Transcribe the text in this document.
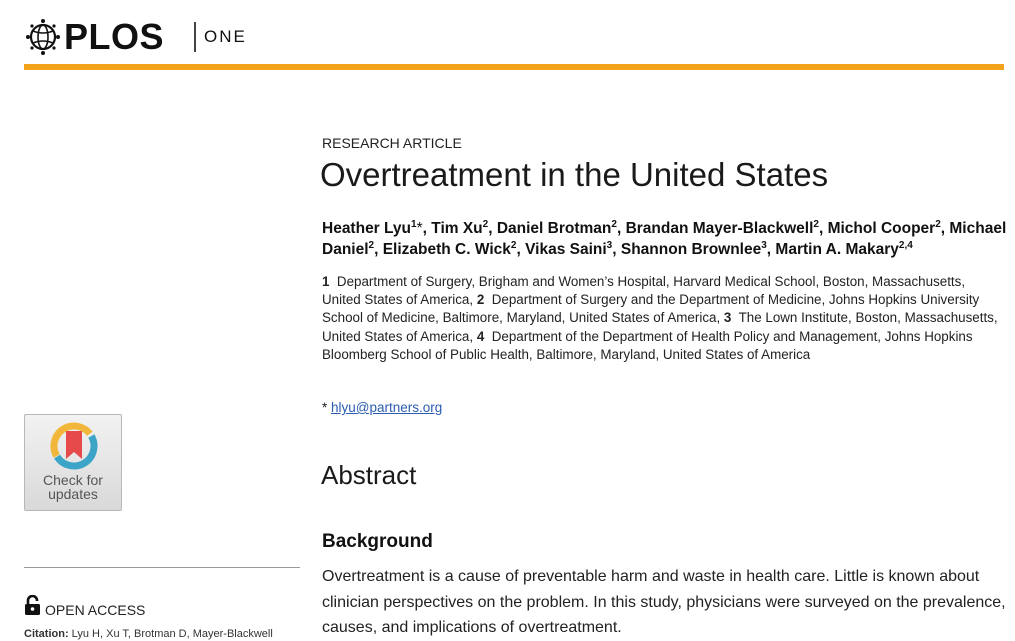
PLOS ONE
RESEARCH ARTICLE
Overtreatment in the United States
Heather Lyu$^1$*, Tim Xu$^2$, Daniel Brotman$^2$, Brandan Mayer-Blackwell$^2$, Michol Cooper$^2$, Michael Daniel$^2$, Elizabeth C. Wick$^2$, Vikas Saini$^3$, Shannon Brownlee$^3$, Martin A. Makary$^{2,4}$
1 Department of Surgery, Brigham and Women’s Hospital, Harvard Medical School, Boston, Massachusetts, United States of America, 2 Department of Surgery and the Department of Medicine, Johns Hopkins University School of Medicine, Baltimore, Maryland, United States of America, 3 The Lown Institute, Boston, Massachusetts, United States of America, 4 Department of the Department of Health Policy and Management, Johns Hopkins Bloomberg School of Public Health, Baltimore, Maryland, United States of America
* hlyu@partners.org
Abstract
Background
Overtreatment is a cause of preventable harm and waste in health care. Little is known about clinician perspectives on the problem. In this study, physicians were surveyed on the prevalence, causes, and implications of overtreatment.
Check for
updates
OPEN ACCESS
Citation: Lyu H, Xu T, Brotman D, Mayer-Blackwell
